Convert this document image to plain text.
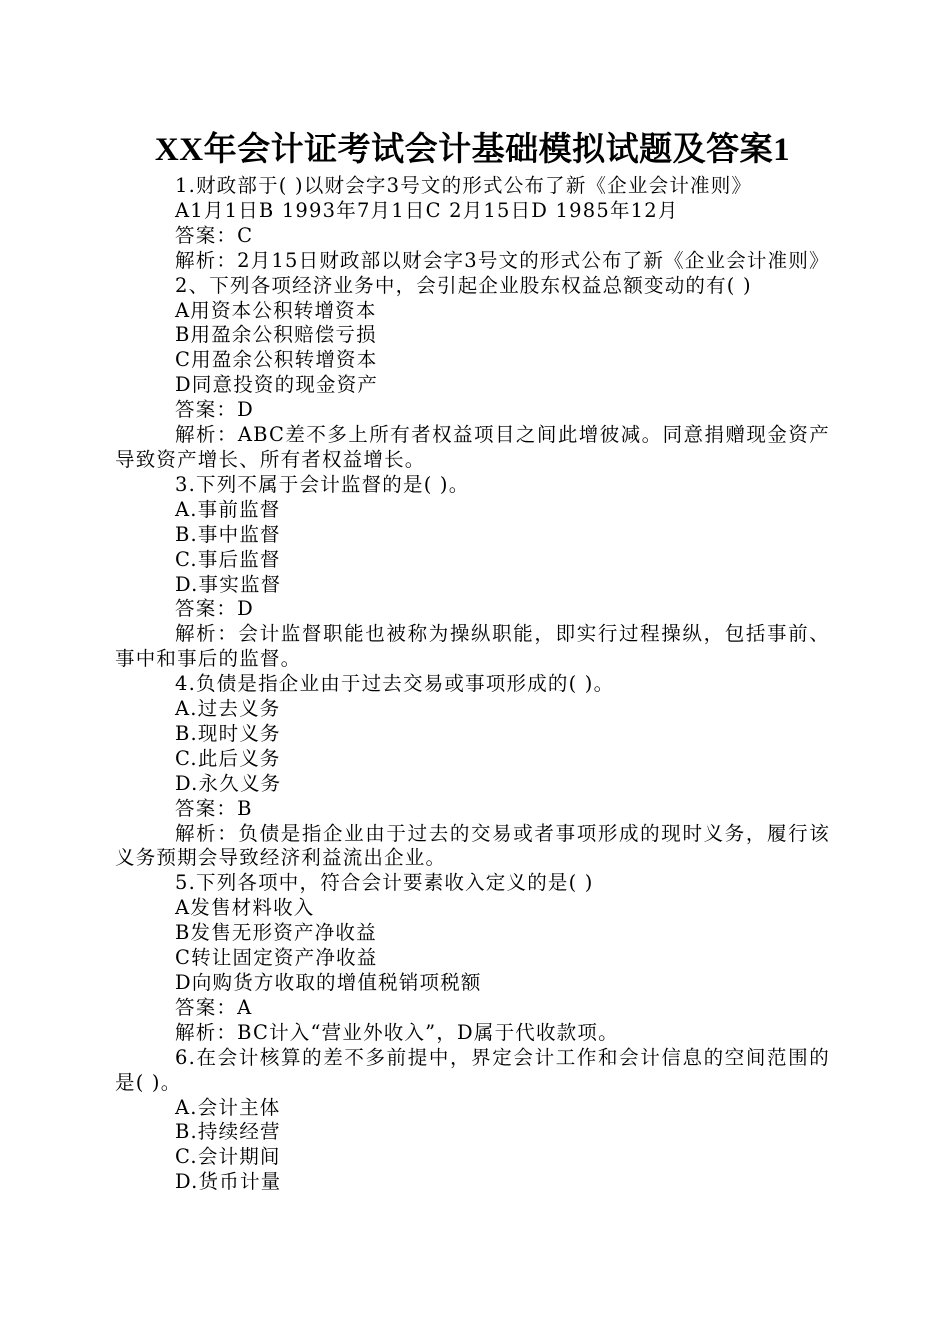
XX年会计证考试会计基础模拟试题及答案1

1.财政部于( )以财会字3号文的形式公布了新《企业会计准则》

A1月1日B 1993年7月1日C 2月15日D 1985年12月

答案：C

解析：2月15日财政部以财会字3号文的形式公布了新《企业会计准则》

2、下列各项经济业务中，会引起企业股东权益总额变动的有( )

A用资本公积转增资本

B用盈余公积赔偿亏损

C用盈余公积转增资本

D同意投资的现金资产

答案：D

解析：ABC差不多上所有者权益项目之间此增彼减。同意捐赠现金资产导致资产增长、所有者权益增长。

3.下列不属于会计监督的是( )。

A.事前监督

B.事中监督

C.事后监督

D.事实监督

答案：D

解析：会计监督职能也被称为操纵职能，即实行过程操纵，包括事前、事中和事后的监督。

4.负债是指企业由于过去交易或事项形成的( )。

A.过去义务

B.现时义务

C.此后义务

D.永久义务

答案：B

解析：负债是指企业由于过去的交易或者事项形成的现时义务，履行该义务预期会导致经济利益流出企业。

5.下列各项中，符合会计要素收入定义的是( )

A发售材料收入

B发售无形资产净收益

C转让固定资产净收益

D向购货方收取的增值税销项税额

答案：A

解析：BC计入“营业外收入”，D属于代收款项。

6.在会计核算的差不多前提中，界定会计工作和会计信息的空间范围的是( )。

A.会计主体

B.持续经营

C.会计期间

D.货币计量
